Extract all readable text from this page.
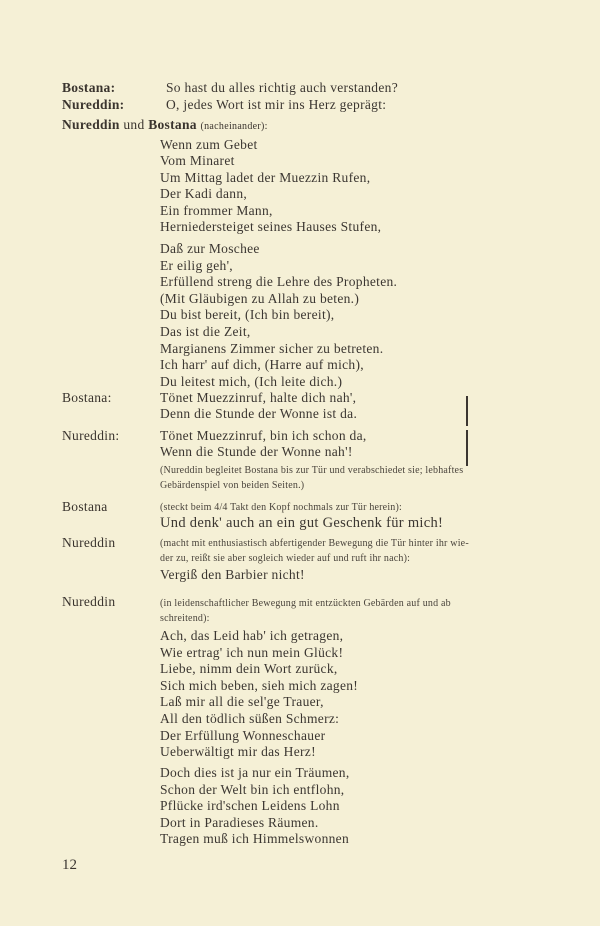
Bostana:	So hast du alles richtig auch verstanden?
Nureddin:	O, jedes Wort ist mir ins Herz geprägt:
Nureddin und Bostana (nacheinander):
Wenn zum Gebet
Vom Minaret
Um Mittag ladet der Muezzin Rufen,
Der Kadi dann,
Ein frommer Mann,
Herniedersteiget seines Hauses Stufen,
Daß zur Moschee
Er eilig geh',
Erfüllend streng die Lehre des Propheten.
(Mit Gläubigen zu Allah zu beten.)
Du bist bereit, (Ich bin bereit),
Das ist die Zeit,
Margianens Zimmer sicher zu betreten.
Ich harr' auf dich, (Harre auf mich),
Du leitest mich, (Ich leite dich.)
Bostana:	Tönet Muezzinruf, halte dich nah',
Denn die Stunde der Wonne ist da.
Nureddin:	Tönet Muezzinruf, bin ich schon da,
Wenn die Stunde der Wonne nah'!
(Nureddin begleitet Bostana bis zur Tür und verabschiedet sie; lebhaftes
Gebärdenspiel von beiden Seiten.)
Bostana	(steckt beim 4/4 Takt den Kopf nochmals zur Tür herein):
Und denk' auch an ein gut Geschenk für mich!
Nureddin	(macht mit enthusiastisch abfertigender Bewegung die Tür hinter ihr wie-
der zu, reißt sie aber sogleich wieder auf und ruft ihr nach):
Vergiß den Barbier nicht!
Nureddin	(in leidenschaftlicher Bewegung mit entzückten Gebärden auf und ab
schreitend):
Ach, das Leid hab' ich getragen,
Wie ertrag' ich nun mein Glück!
Liebe, nimm dein Wort zurück,
Sich mich beben, sieh mich zagen!
Laß mir all die sel'ge Trauer,
All den tödlich süßen Schmerz:
Der Erfüllung Wonneschauer
Ueberwältigt mir das Herz!
Doch dies ist ja nur ein Träumen,
Schon der Welt bin ich entflohn,
Pflücke ird'schen Leidens Lohn
Dort in Paradieses Räumen.
Tragen muß ich Himmelswonnen
12
